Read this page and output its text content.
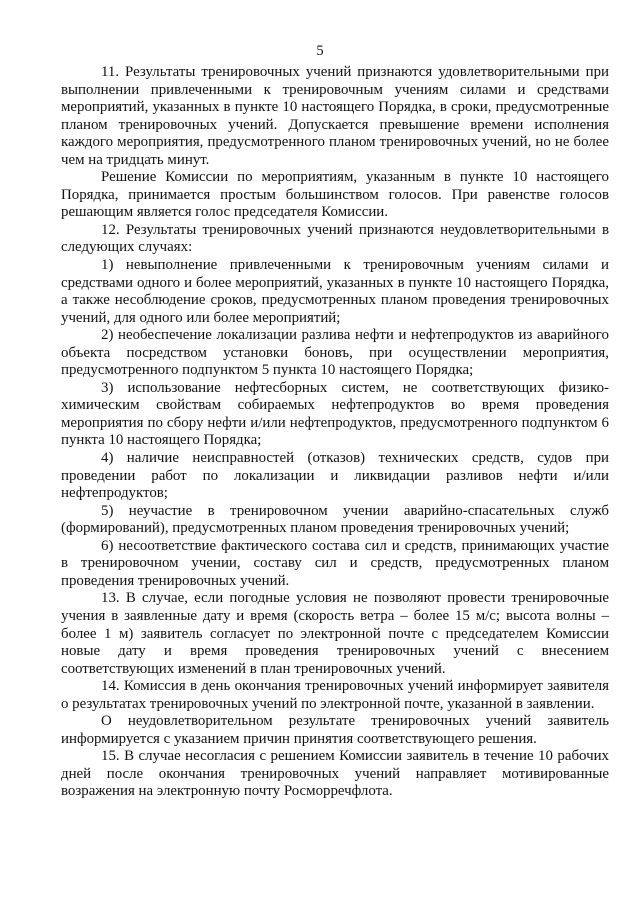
5

11. Результаты тренировочных учений признаются удовлетворительными при выполнении привлеченными к тренировочным учениям силами и средствами мероприятий, указанных в пункте 10 настоящего Порядка, в сроки, предусмотренные планом тренировочных учений. Допускается превышение времени исполнения каждого мероприятия, предусмотренного планом тренировочных учений, но не более чем на тридцать минут.

Решение Комиссии по мероприятиям, указанным в пункте 10 настоящего Порядка, принимается простым большинством голосов. При равенстве голосов решающим является голос председателя Комиссии.

12. Результаты тренировочных учений признаются неудовлетворительными в следующих случаях:

1) невыполнение привлеченными к тренировочным учениям силами и средствами одного и более мероприятий, указанных в пункте 10 настоящего Порядка, а также несоблюдение сроков, предусмотренных планом проведения тренировочных учений, для одного или более мероприятий;

2) необеспечение локализации разлива нефти и нефтепродуктов из аварийного объекта посредством установки боновъ, при осуществлении мероприятия, предусмотренного подпунктом 5 пункта 10 настоящего Порядка;

3) использование нефтесборных систем, не соответствующих физико-химическим свойствам собираемых нефтепродуктов во время проведения мероприятия по сбору нефти и/или нефтепродуктов, предусмотренного подпунктом 6 пункта 10 настоящего Порядка;

4) наличие неисправностей (отказов) технических средств, судов при проведении работ по локализации и ликвидации разливов нефти и/или нефтепродуктов;

5) неучастие в тренировочном учении аварийно-спасательных служб (формирований), предусмотренных планом проведения тренировочных учений;

6) несоответствие фактического состава сил и средств, принимающих участие в тренировочном учении, составу сил и средств, предусмотренных планом проведения тренировочных учений.

13. В случае, если погодные условия не позволяют провести тренировочные учения в заявленные дату и время (скорость ветра – более 15 м/с; высота волны – более 1 м) заявитель согласует по электронной почте с председателем Комиссии новые дату и время проведения тренировочных учений с внесением соответствующих изменений в план тренировочных учений.

14. Комиссия в день окончания тренировочных учений информирует заявителя о результатах тренировочных учений по электронной почте, указанной в заявлении.

О неудовлетворительном результате тренировочных учений заявитель информируется с указанием причин принятия соответствующего решения.

15. В случае несогласия с решением Комиссии заявитель в течение 10 рабочих дней после окончания тренировочных учений направляет мотивированные возражения на электронную почту Росморречфлота.
